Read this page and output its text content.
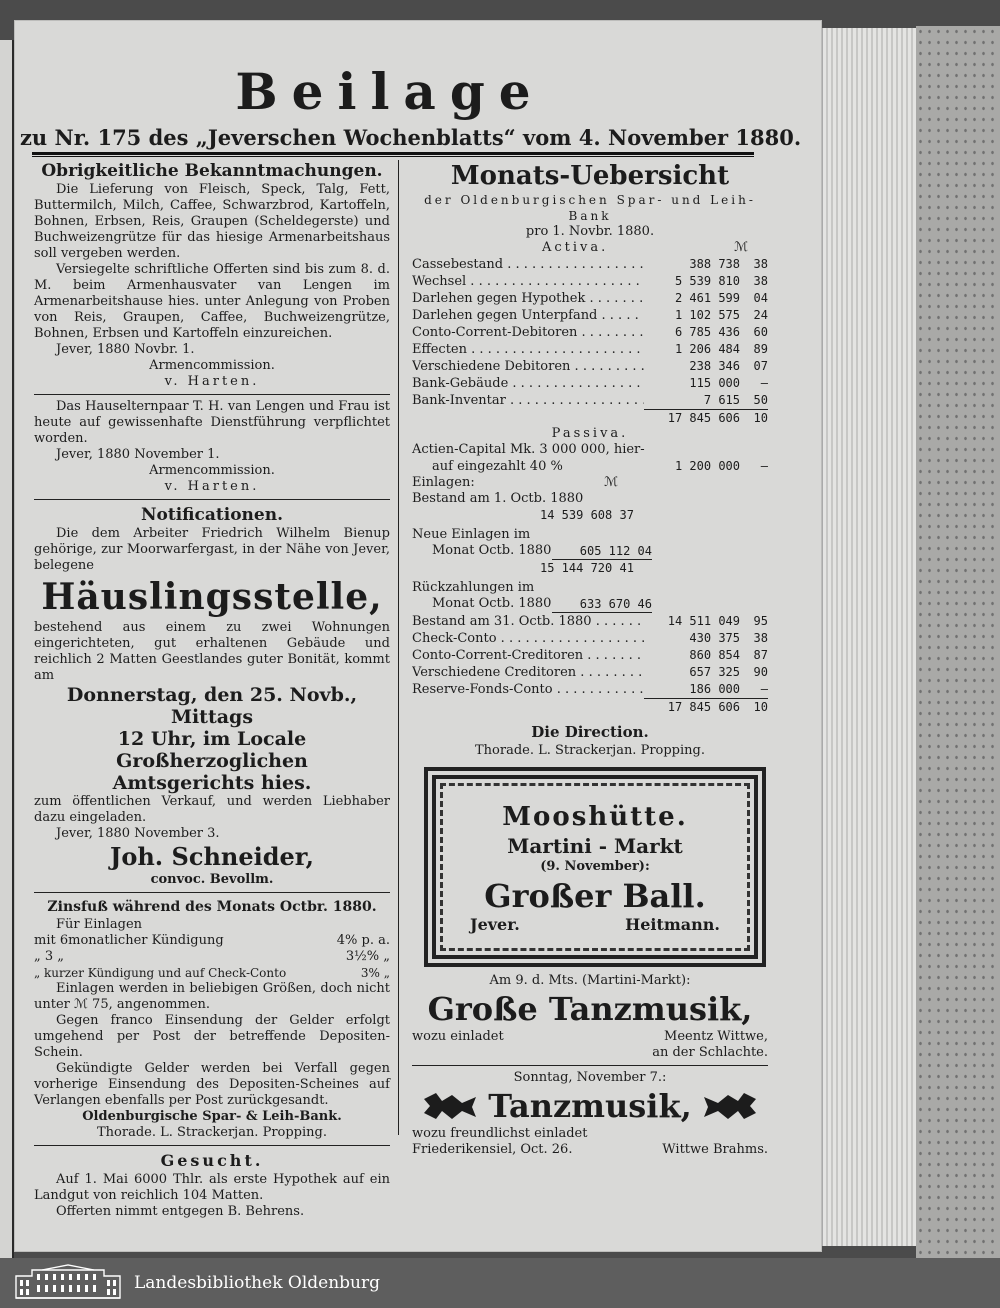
Beilage
zu Nr. 175 des „Jeverschen Wochenblatts“ vom 4. November 1880.
Obrigkeitliche Bekanntmachungen.

Die Lieferung von Fleisch, Speck, Talg, Fett, Buttermilch, Milch, Caffee, Schwarzbrod, Kartoffeln, Bohnen, Erbsen, Reis, Graupen (Scheldegerste) und Buchweizengrütze für das hiesige Armenarbeitshaus soll vergeben werden.

Versiegelte schriftliche Offerten sind bis zum 8. d. M. beim Armenhausvater van Lengen im Armenarbeitshause hies. unter Anlegung von Proben von Reis, Graupen, Caffee, Buchweizengrütze, Bohnen, Erbsen und Kartoffeln einzureichen.

Jever, 1880 Novbr. 1.

Armencommission.

v. Harten.

Das Hauselternpaar T. H. van Lengen und Frau ist heute auf gewissenhafte Dienstführung verpflichtet worden.

Jever, 1880 November 1.

Armencommission.

v. Harten.

Notificationen.

Die dem Arbeiter Friedrich Wilhelm Bienup gehörige, zur Moorwarfergast, in der Nähe von Jever, belegene

Häuslingsstelle,

bestehend aus einem zu zwei Wohnungen eingerichteten, gut erhaltenen Gebäude und reichlich 2 Matten Geestlandes guter Bonität, kommt am

Donnerstag, den 25. Novb., Mittags
12 Uhr, im Locale Großherzoglichen
Amtsgerichts hies.

zum öffentlichen Verkauf, und werden Liebhaber dazu eingeladen.

Jever, 1880 November 3.

Joh. Schneider,

convoc. Bevollm.

Zinsfuß während des Monats Octbr. 1880.

Für Einlagen

mit 6monatlicher Kündigung	4% p. a.
„ 3 „	3½% „
„ kurzer Kündigung und auf Check-Conto	3% „

Einlagen werden in beliebigen Größen, doch nicht unter ℳ 75, angenommen.

Gegen franco Einsendung der Gelder erfolgt umgehend per Post der betreffende Depositen-Schein.

Gekündigte Gelder werden bei Verfall gegen vorherige Einsendung des Depositen-Scheines auf Verlangen ebenfalls per Post zurückgesandt.

Oldenburgische Spar- & Leih-Bank.

Thorade. L. Strackerjan. Propping.

Gesucht.

Auf 1. Mai 6000 Thlr. als erste Hypothek auf ein Landgut von reichlich 104 Matten.

Offerten nimmt entgegen B. Behrens.

Monats-Uebersicht

der Oldenburgischen Spar- und Leih-Bank

pro 1. Novbr. 1880.

Activa.	ℳ
Cassebestand . . .	388 738	38
Wechsel . . .	5 539 810	38
Darlehen gegen Hypothek . . .	2 461 599	04
Darlehen gegen Unterpfand . . .	1 102 575	24
Conto-Corrent-Debitoren . . .	6 785 436	60
Effecten . . .	1 206 484	89
Verschiedene Debitoren . . .	238 346	07
Bank-Gebäude . . .	115 000	—
Bank-Inventar . . .	7 615	50
17 845 606	10

Passiva.

Actien-Capital Mk. 3 000 000, hier-

auf eingezahlt 40 %	1 200 000	—
Einlagen:	ℳ

Bestand am 1. Octb. 1880

14 539 608 37

Neue Einlagen im

Monat Octb. 1880	605 112 04

15 144 720 41

Rückzahlungen im

Monat Octb. 1880	633 670 46
Bestand am 31. Octb. 1880 . . .	14 511 049	95
Check-Conto . . .	430 375	38
Conto-Corrent-Creditoren . . .	860 854	87
Verschiedene Creditoren . . .	657 325	90
Reserve-Fonds-Conto . . .	186 000	—
17 845 606	10

Die Direction.

Thorade. L. Strackerjan. Propping.

Mooshütte.
Martini - Markt
(9. November):
Großer Ball.
Jever.	Heitmann.

Am 9. d. Mts. (Martini-Markt):

Große Tanzmusik,
wozu einladet	Meentz Wittwe,

an der Schlachte.

Sonntag, November 7.:

Tanzmusik,

wozu freundlichst einladet

Friederikensiel, Oct. 26.	Wittwe Brahms.
Landesbibliothek Oldenburg
